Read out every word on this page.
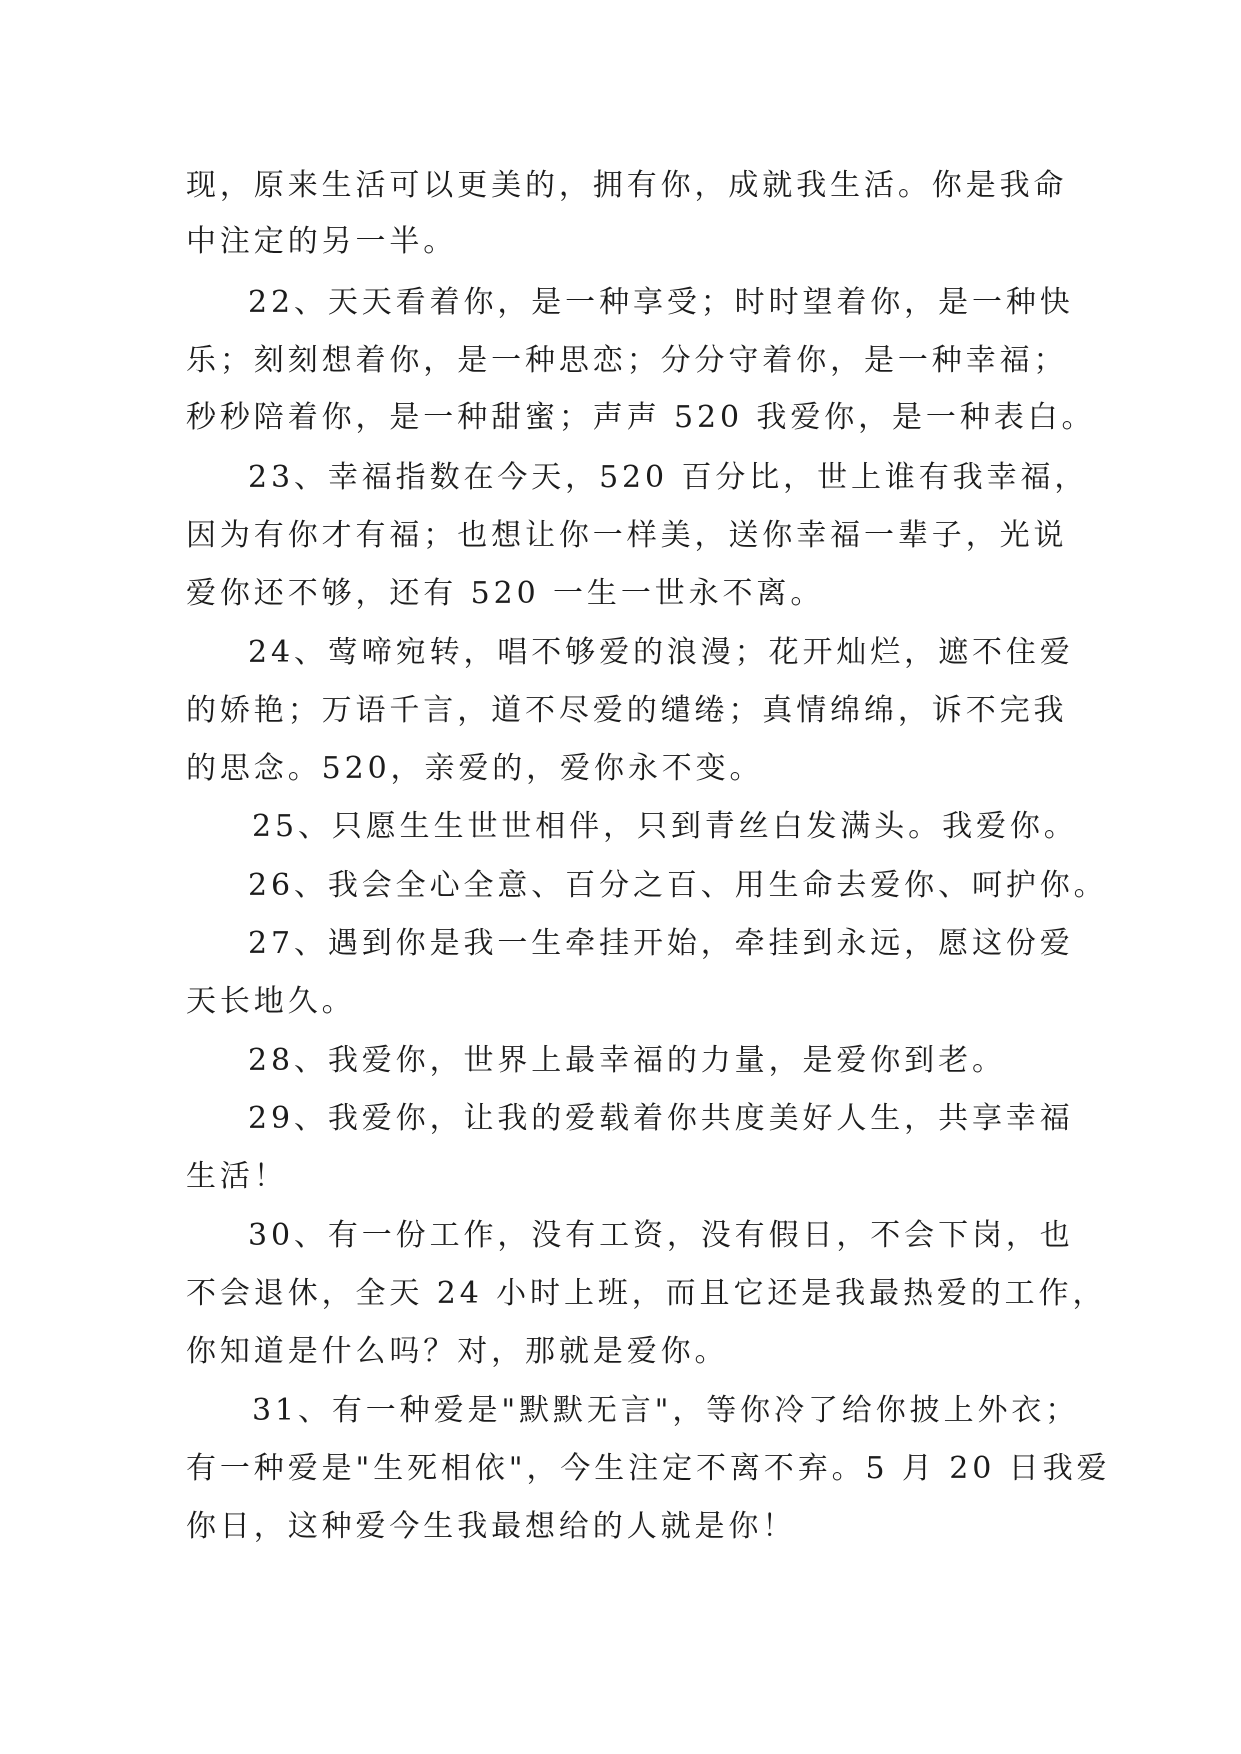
现，原来生活可以更美的，拥有你，成就我生活。你是我命

中注定的另一半。

22、天天看着你，是一种享受；时时望着你，是一种快

乐；刻刻想着你，是一种思恋；分分守着你，是一种幸福；

秒秒陪着你，是一种甜蜜；声声 520 我爱你，是一种表白。

23、幸福指数在今天，520 百分比，世上谁有我幸福，

因为有你才有福；也想让你一样美，送你幸福一辈子，光说

爱你还不够，还有 520 一生一世永不离。

24、莺啼宛转，唱不够爱的浪漫；花开灿烂，遮不住爱

的娇艳；万语千言，道不尽爱的缱绻；真情绵绵，诉不完我

的思念。520，亲爱的，爱你永不变。

25、只愿生生世世相伴，只到青丝白发满头。我爱你。

26、我会全心全意、百分之百、用生命去爱你、呵护你。

27、遇到你是我一生牵挂开始，牵挂到永远，愿这份爱

天长地久。

28、我爱你，世界上最幸福的力量，是爱你到老。

29、我爱你，让我的爱载着你共度美好人生，共享幸福

生活！

30、有一份工作，没有工资，没有假日，不会下岗，也

不会退休，全天 24 小时上班，而且它还是我最热爱的工作，

你知道是什么吗？对，那就是爱你。

31、有一种爱是"默默无言"，等你冷了给你披上外衣；

有一种爱是"生死相依"，今生注定不离不弃。5 月 20 日我爱

你日，这种爱今生我最想给的人就是你！
